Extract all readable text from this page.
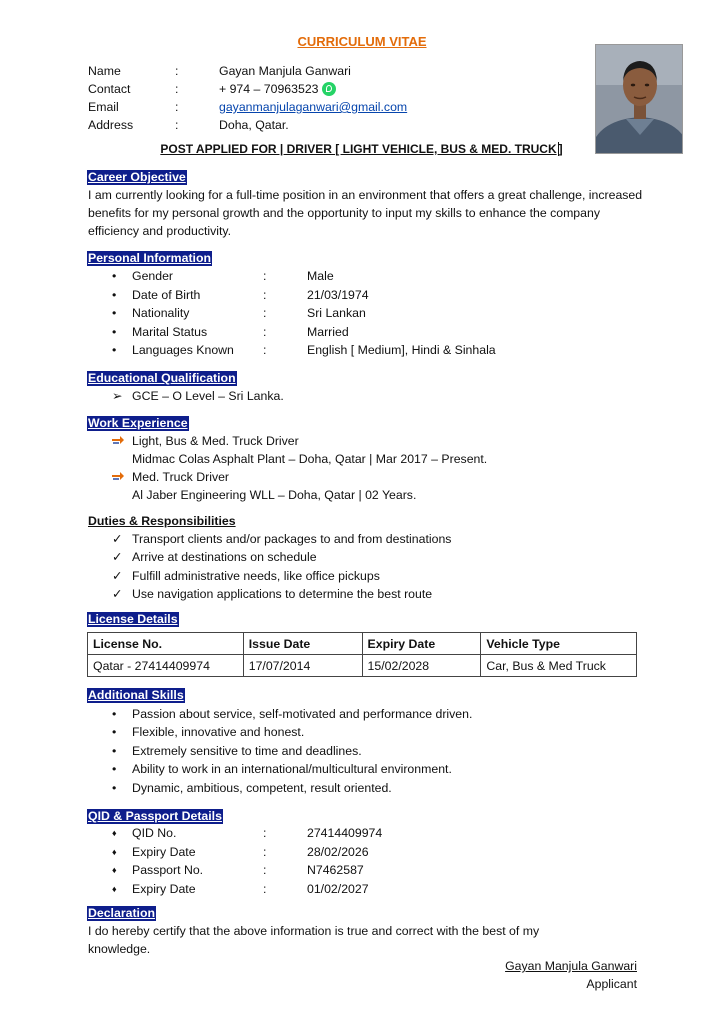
CURRICULUM VITAE
Name	:	Gayan Manjula Ganwari
Contact	:	+ 974 – 70963523
Email	:	gayanmanjulaganwari@gmail.com
Address	:	Doha, Qatar.
POST APPLIED FOR | DRIVER [ LIGHT VEHICLE, BUS & MED. TRUCK ]
Career Objective
I am currently looking for a full-time position in an environment that offers a great challenge, increased benefits for my personal growth and the opportunity to input my skills to enhance the company efficiency and productivity.
Personal Information
• Gender	:	Male
• Date of Birth	:	21/03/1974
• Nationality	:	Sri Lankan
• Marital Status	:	Married
• Languages Known :	English [ Medium], Hindi & Sinhala
Educational Qualification
➢ GCE – O Level – Sri Lanka.
Work Experience
Light, Bus & Med. Truck Driver
Midmac Colas Asphalt Plant – Doha, Qatar | Mar 2017 – Present.
Med. Truck Driver
Al Jaber Engineering WLL – Doha, Qatar | 02 Years.
Duties & Responsibilities
✓ Transport clients and/or packages to and from destinations
✓ Arrive at destinations on schedule
✓ Fulfill administrative needs, like office pickups
✓ Use navigation applications to determine the best route
License Details
License No.	Issue Date	Expiry Date	Vehicle Type
Qatar - 27414409974	17/07/2014	15/02/2028	Car, Bus & Med Truck
Additional Skills
• Passion about service, self-motivated and performance driven.
• Flexible, innovative and honest.
• Extremely sensitive to time and deadlines.
• Ability to work in an international/multicultural environment.
• Dynamic, ambitious, competent, result oriented.
QID & Passport Details
♦ QID No.	:	27414409974
♦ Expiry Date	:	28/02/2026
♦ Passport No.	:	N7462587
♦ Expiry Date	:	01/02/2027
Declaration
I do hereby certify that the above information is true and correct with the best of my knowledge.
Gayan Manjula Ganwari
Applicant
